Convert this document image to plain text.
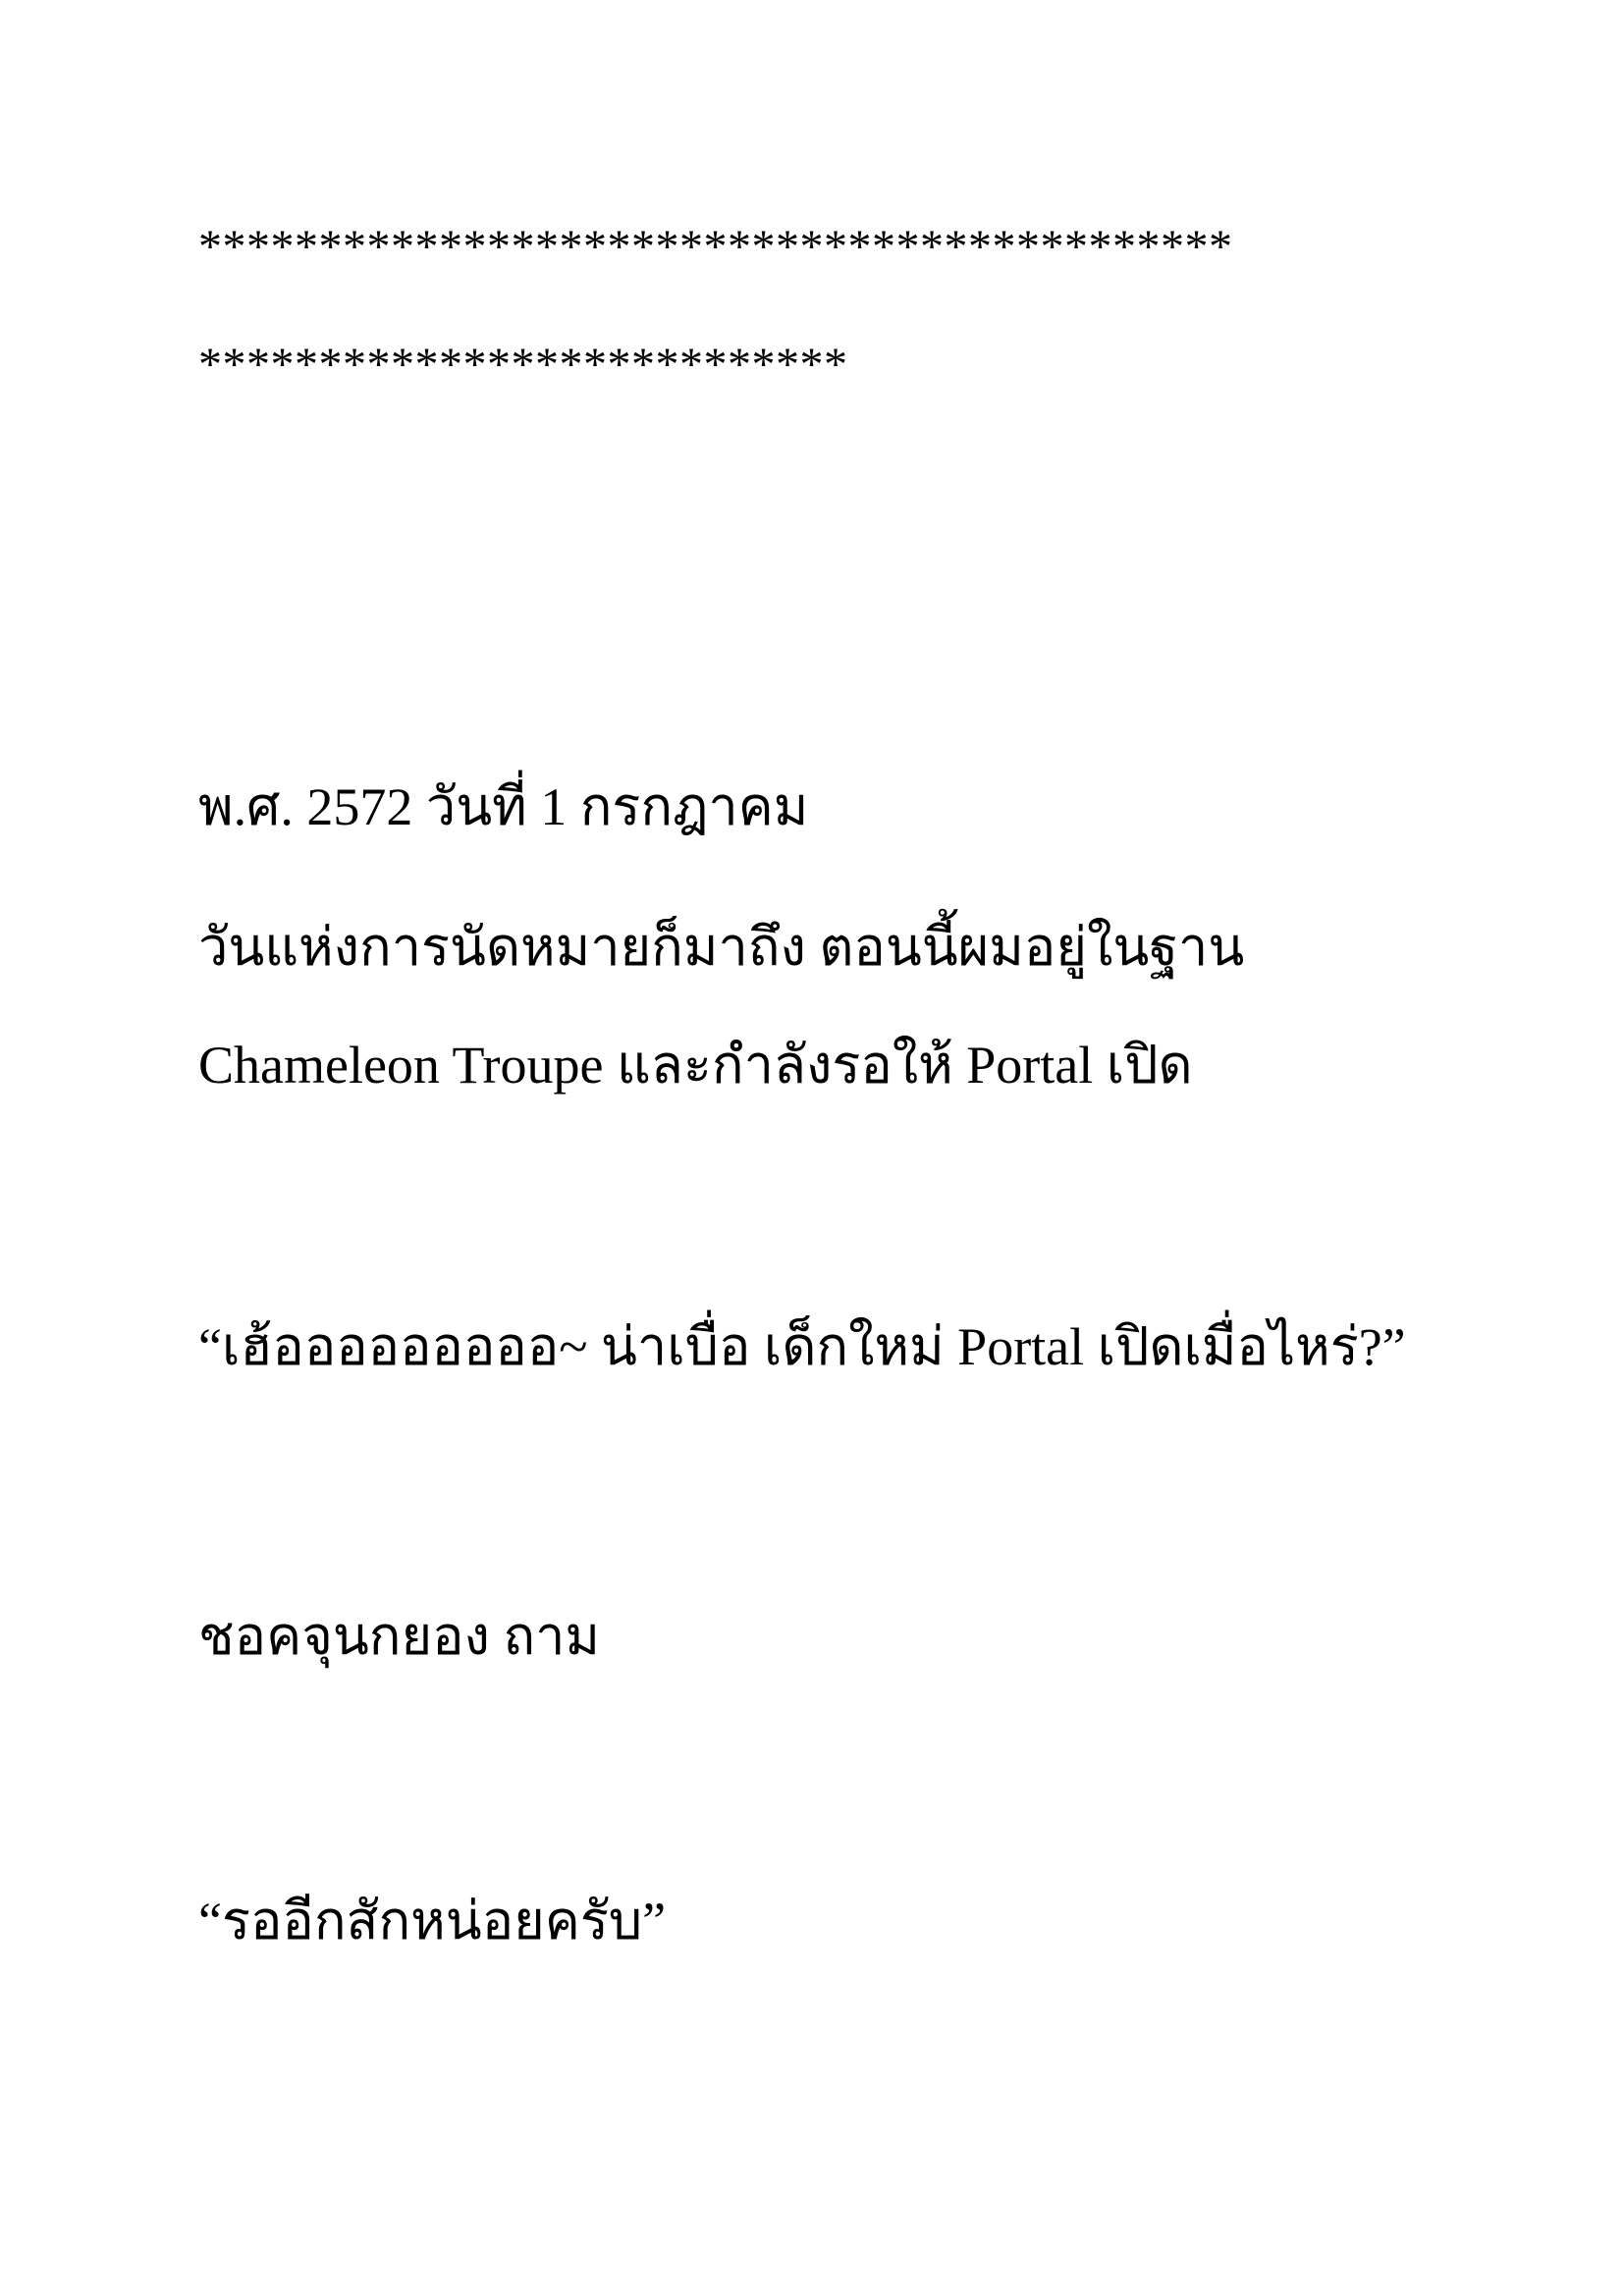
*******************************************
***************************
พ.ศ. 2572 วันที่ 1 กรกฎาคม
วันแห่งการนัดหมายก็มาถึง ตอนนี้ผมอยู่ในฐาน
Chameleon Troupe และกำลังรอให้ Portal เปิด
“เฮ้อออออออออ~ น่าเบื่อ เด็กใหม่ Portal เปิดเมื่อไหร่?”
ชอคจุนกยอง ถาม
“รออีกสักหน่อยครับ”
